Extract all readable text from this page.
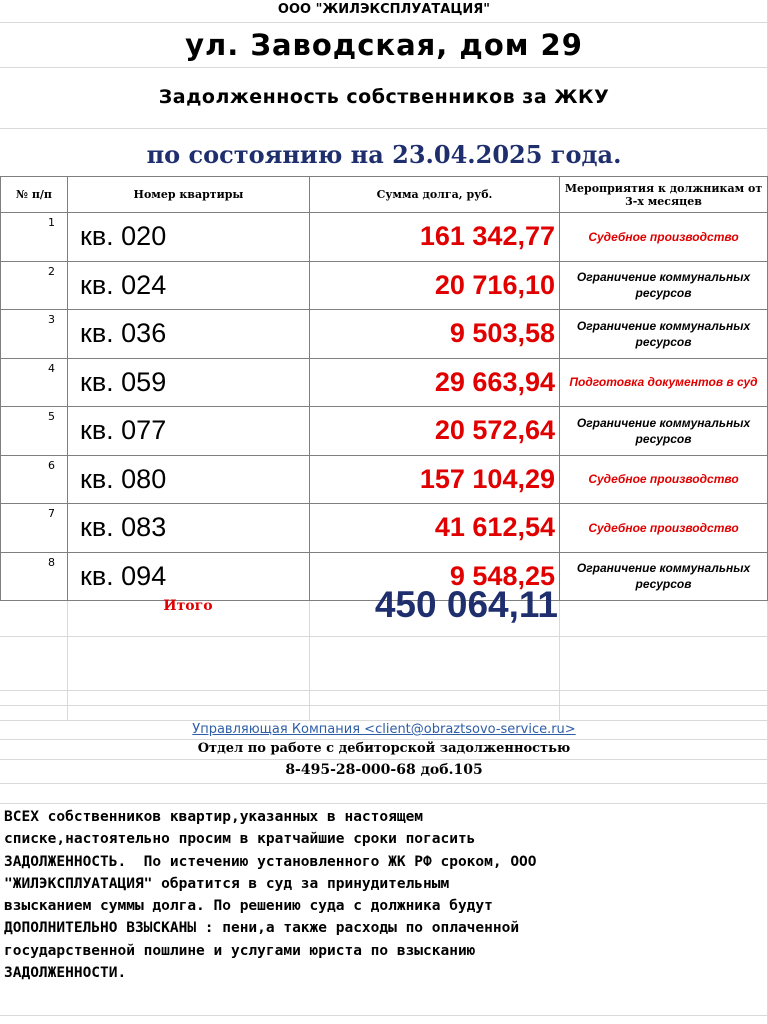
ООО "ЖИЛЭКСПЛУАТАЦИЯ"
ул. Заводская, дом 29
Задолженность собственников за ЖКУ
по состоянию на 23.04.2025 года.
№ п/п	Номер квартиры	Сумма долга, руб.	Мероприятия к должникам от 3-х месяцев
1	кв. 020	161 342,77	Судебное производство
2	кв. 024	20 716,10	Ограничение коммунальных ресурсов
3	кв. 036	9 503,58	Ограничение коммунальных ресурсов
4	кв. 059	29 663,94	Подготовка документов в суд
5	кв. 077	20 572,64	Ограничение коммунальных ресурсов
6	кв. 080	157 104,29	Судебное производство
7	кв. 083	41 612,54	Судебное производство
8	кв. 094	9 548,25	Ограничение коммунальных ресурсов
Итого	450 064,11
Управляющая Компания <client@obraztsovo-service.ru>
Отдел по работе с дебиторской задолженностью
8-495-28-000-68 доб.105
ВСЕХ собственников квартир,указанных в настоящем
списке,настоятельно просим в кратчайшие сроки погасить
ЗАДОЛЖЕННОСТЬ.  По истечению установленного ЖК РФ сроком, ООО
"ЖИЛЭКСПЛУАТАЦИЯ" обратится в суд за принудительным
взысканием суммы долга. По решению суда с должника будут
ДОПОЛНИТЕЛЬНО ВЗЫСКАНЫ : пени,а также расходы по оплаченной
государственной пошлине и услугами юриста по взысканию
ЗАДОЛЖЕННОСТИ.
